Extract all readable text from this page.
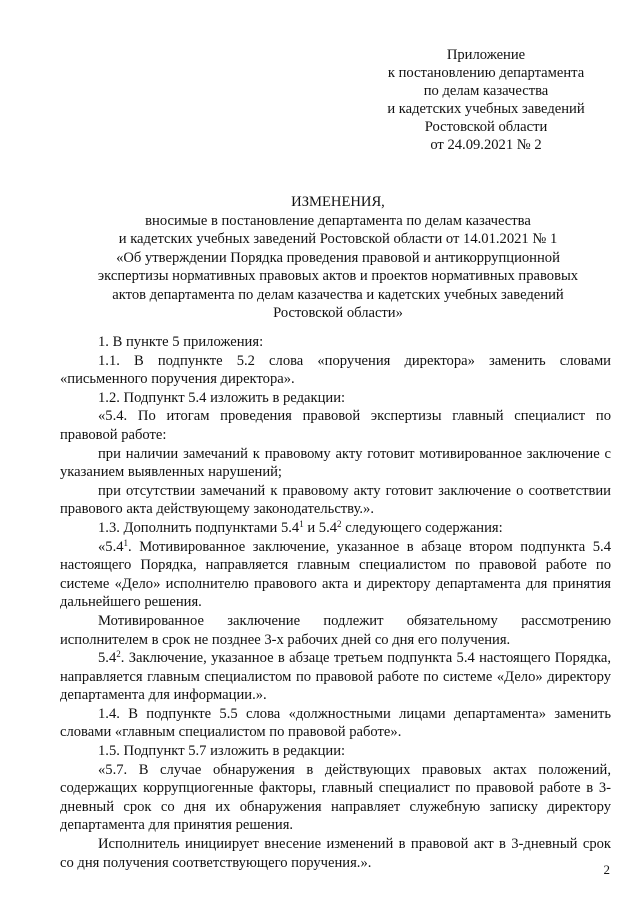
Приложение
к постановлению департамента
по делам казачества
и кадетских учебных заведений
Ростовской области
от 24.09.2021 № 2
ИЗМЕНЕНИЯ,
вносимые в постановление департамента по делам казачества
и кадетских учебных заведений Ростовской области от 14.01.2021 № 1
«Об утверждении Порядка проведения правовой и антикоррупционной
экспертизы нормативных правовых актов и проектов нормативных правовых
актов департамента по делам казачества и кадетских учебных заведений
Ростовской области»

1. В пункте 5 приложения:

1.1. В подпункте 5.2 слова «поручения директора» заменить словами «письменного поручения директора».

1.2. Подпункт 5.4 изложить в редакции:

«5.4. По итогам проведения правовой экспертизы главный специалист по правовой работе:

при наличии замечаний к правовому акту готовит мотивированное заключение с указанием выявленных нарушений;

при отсутствии замечаний к правовому акту готовит заключение о соответствии правового акта действующему законодательству.».

1.3. Дополнить подпунктами $5.4^1$ и $5.4^2$ следующего содержания:

«$5.4^1$. Мотивированное заключение, указанное в абзаце втором подпункта 5.4 настоящего Порядка, направляется главным специалистом по правовой работе по системе «Дело» исполнителю правового акта и директору департамента для принятия дальнейшего решения.

Мотивированное заключение подлежит обязательному рассмотрению исполнителем в срок не позднее 3-х рабочих дней со дня его получения.

$5.4^2$. Заключение, указанное в абзаце третьем подпункта 5.4 настоящего Порядка, направляется главным специалистом по правовой работе по системе «Дело» директору департамента для информации.».

1.4. В подпункте 5.5 слова «должностными лицами департамента» заменить словами «главным специалистом по правовой работе».

1.5. Подпункт 5.7 изложить в редакции:

«5.7. В случае обнаружения в действующих правовых актах положений, содержащих коррупциогенные факторы, главный специалист по правовой работе в 3-дневный срок со дня их обнаружения направляет служебную записку директору департамента для принятия решения.

Исполнитель инициирует внесение изменений в правовой акт в 3-дневный срок со дня получения соответствующего поручения.».	2
